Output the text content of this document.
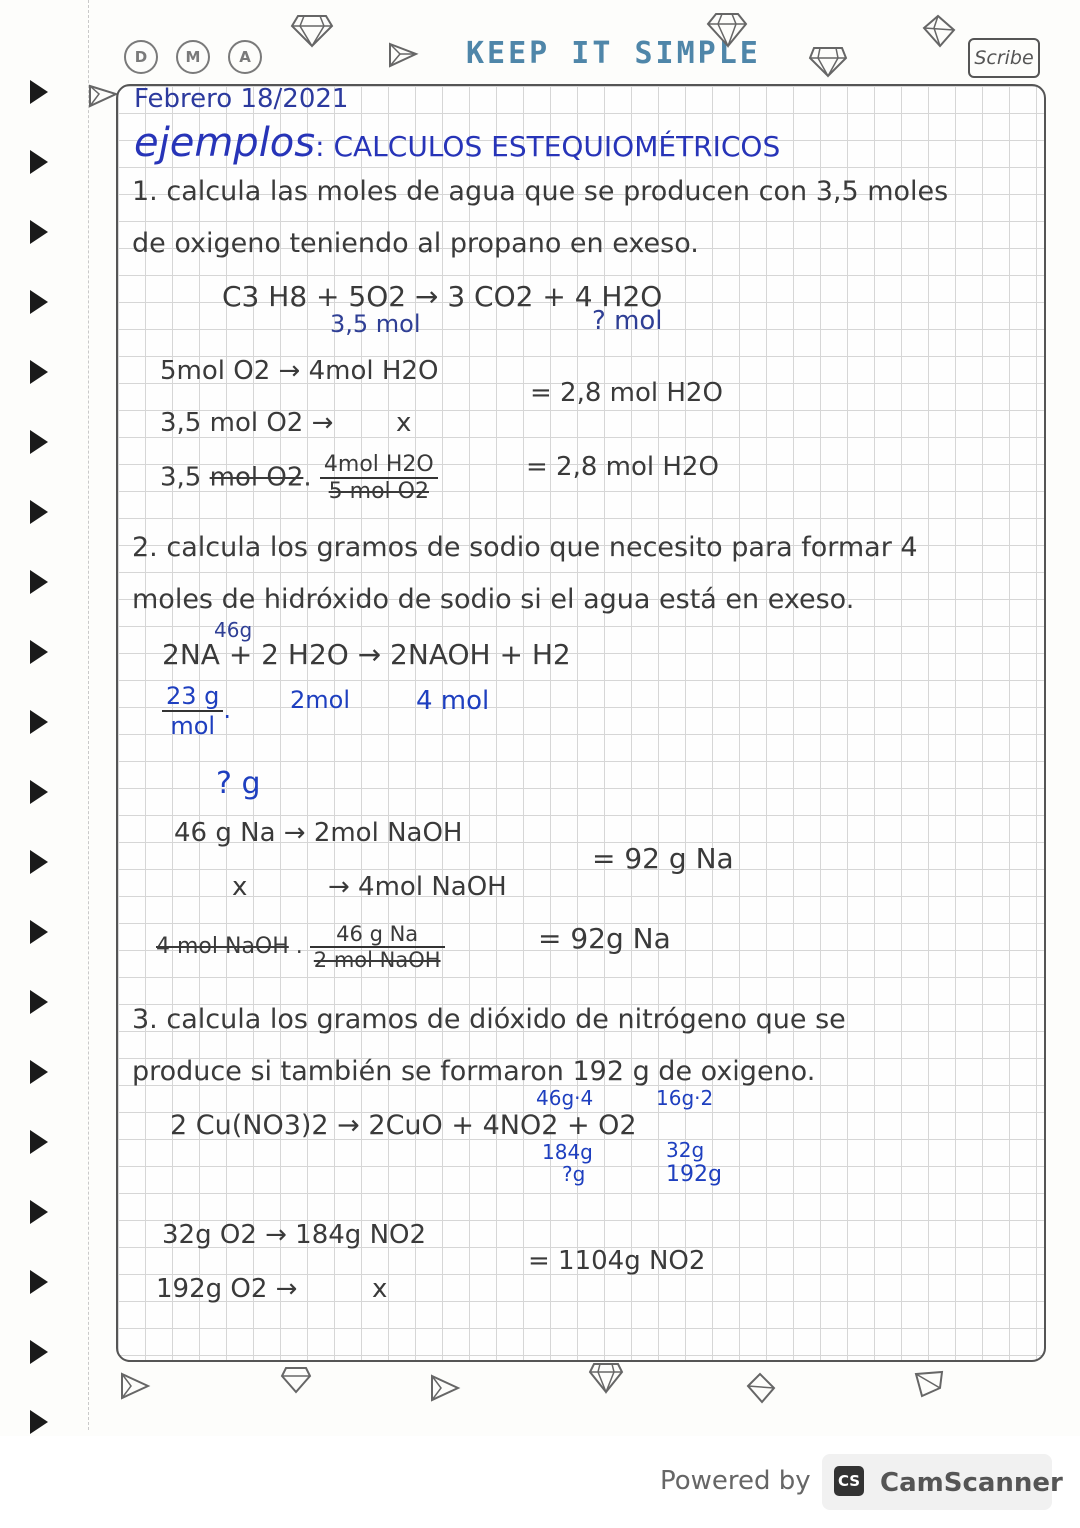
D	M	A	KEEP IT SIMPLE	Scribe
Febrero 18/2021
ejemplos: CALCULOS ESTEQUIOMÉTRICOS
1. calcula las moles de agua que se producen con 3,5 moles
de oxigeno teniendo al propano en exeso.
C3 H8 + 5O2 → 3 CO2 + 4 H2O
3,5 mol	? mol
5mol O2 → 4mol H2O
3,5 mol O2 → x
= 2,8 mol H2O
3,5 mol O2. $\frac{\text{4mol H2O}}{\text{5 mol O2}}$	= 2,8 mol H2O
2. calcula los gramos de sodio que necesito para formar 4
moles de hidróxido de sodio si el agua está en exeso.
46g
2NA + 2 H2O → 2NAOH + H2
$\frac{23 g}{\text{mol}}$ . 2mol	4 mol
? g
46 g Na → 2mol NaOH
x	→ 4mol NaOH
= 92 g Na
4 mol NaOH . $\frac{\text{46 g Na}}{\text{2 mol NaOH}}$	= 92g Na
3. calcula los gramos de dióxido de nitrógeno que se
produce si también se formaron 192 g de oxigeno.
46g·4	16g·2
2 Cu(NO3)2 → 2CuO + 4NO2 + O2
184g
?g
32g
192g
32g O2 → 184g NO2
192g O2 →	x
= 1104g NO2
Powered by CS CamScanner
